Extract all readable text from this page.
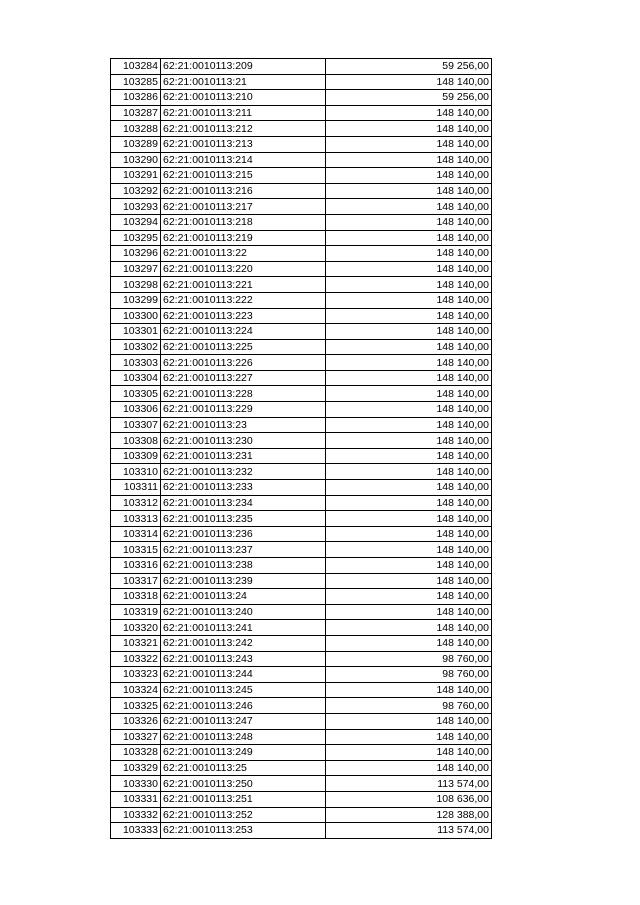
103284	62:21:0010113:209	59 256,00
103285	62:21:0010113:21	148 140,00
103286	62:21:0010113:210	59 256,00
103287	62:21:0010113:211	148 140,00
103288	62:21:0010113:212	148 140,00
103289	62:21:0010113:213	148 140,00
103290	62:21:0010113:214	148 140,00
103291	62:21:0010113:215	148 140,00
103292	62:21:0010113:216	148 140,00
103293	62:21:0010113:217	148 140,00
103294	62:21:0010113:218	148 140,00
103295	62:21:0010113:219	148 140,00
103296	62:21:0010113:22	148 140,00
103297	62:21:0010113:220	148 140,00
103298	62:21:0010113:221	148 140,00
103299	62:21:0010113:222	148 140,00
103300	62:21:0010113:223	148 140,00
103301	62:21:0010113:224	148 140,00
103302	62:21:0010113:225	148 140,00
103303	62:21:0010113:226	148 140,00
103304	62:21:0010113:227	148 140,00
103305	62:21:0010113:228	148 140,00
103306	62:21:0010113:229	148 140,00
103307	62:21:0010113:23	148 140,00
103308	62:21:0010113:230	148 140,00
103309	62:21:0010113:231	148 140,00
103310	62:21:0010113:232	148 140,00
103311	62:21:0010113:233	148 140,00
103312	62:21:0010113:234	148 140,00
103313	62:21:0010113:235	148 140,00
103314	62:21:0010113:236	148 140,00
103315	62:21:0010113:237	148 140,00
103316	62:21:0010113:238	148 140,00
103317	62:21:0010113:239	148 140,00
103318	62:21:0010113:24	148 140,00
103319	62:21:0010113:240	148 140,00
103320	62:21:0010113:241	148 140,00
103321	62:21:0010113:242	148 140,00
103322	62:21:0010113:243	98 760,00
103323	62:21:0010113:244	98 760,00
103324	62:21:0010113:245	148 140,00
103325	62:21:0010113:246	98 760,00
103326	62:21:0010113:247	148 140,00
103327	62:21:0010113:248	148 140,00
103328	62:21:0010113:249	148 140,00
103329	62:21:0010113:25	148 140,00
103330	62:21:0010113:250	113 574,00
103331	62:21:0010113:251	108 636,00
103332	62:21:0010113:252	128 388,00
103333	62:21:0010113:253	113 574,00
